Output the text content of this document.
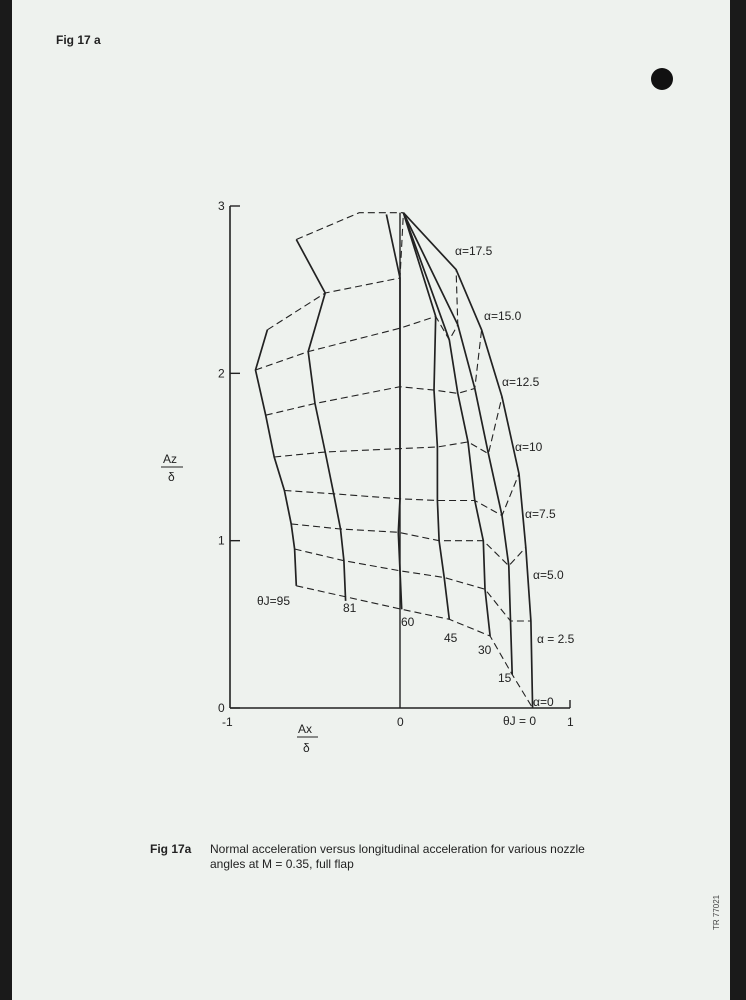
Fig 17 a
0
1
2
3
-1	0	1
α=0
α = 2.5
α=5.0
α=7.5
α=10
α=12.5
α=15.0
α=17.5
θJ=95	81
60
45
30
15
θJ = 0
Ax
δ
Az
δ
Fig 17a Normal acceleration versus longitudinal acceleration for various nozzle angles at M = 0.35, full flap
TR 77021
